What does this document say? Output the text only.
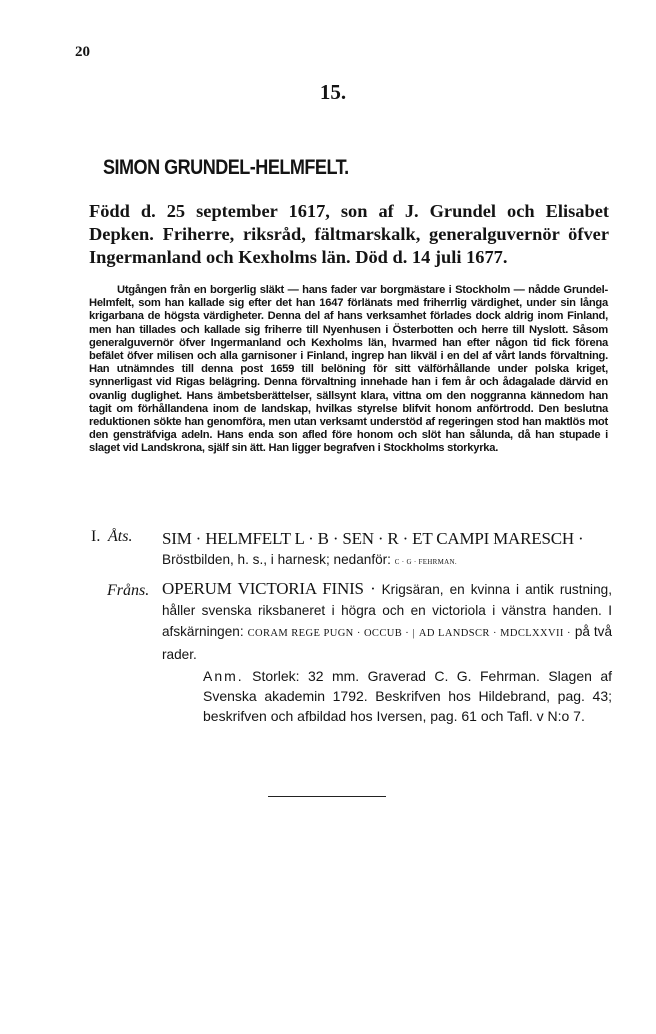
20
15.
SIMON GRUNDEL-HELMFELT.
Född d. 25 september 1617, son af J. Grundel och Elisabet Depken. Friherre, riksråd, fältmarskalk, generalguvernör öfver Ingermanland och Kexholms län. Död d. 14 juli 1677.
Utgången från en borgerlig släkt — hans fader var borgmästare i Stockholm — nådde Grundel-Helmfelt, som han kallade sig efter det han 1647 förlänats med friherrlig värdighet, under sin långa krigarbana de högsta värdigheter. Denna del af hans verksamhet förlades dock aldrig inom Finland, men han tillades och kallade sig friherre till Nyenhusen i Österbotten och herre till Nyslott. Såsom generalguvernör öfver Ingermanland och Kexholms län, hvarmed han efter någon tid fick förena befälet öfver milisen och alla garnisoner i Finland, ingrep han likväl i en del af vårt lands förvaltning. Han utnämndes till denna post 1659 till belöning för sitt välförhållande under polska kriget, synnerligast vid Rigas belägring. Denna förvaltning innehade han i fem år och ådagalade därvid en ovanlig duglighet. Hans ämbetsberättelser, sällsynt klara, vittna om den noggranna kännedom han tagit om förhållandena inom de landskap, hvilkas styrelse blifvit honom anförtrodd. Den beslutna reduktionen sökte han genomföra, men utan verksamt understöd af regeringen stod han maktlös mot den gensträfviga adeln. Hans enda son afled före honom och slöt han sålunda, då han stupade i slaget vid Landskrona, själf sin ätt. Han ligger begrafven i Stockholms storkyrka.
I. Åts. SIM · HELMFELT L · B · SEN · R · ET CAMPI MARESCH ·
Bröstbilden, h. s., i harnesk; nedanför: C · G · FEHRMAN.
Fråns. OPERUM VICTORIA FINIS · Krigsäran, en kvinna i antik rustning, håller svenska riksbaneret i högra och en victoriola i vänstra handen. I afskärningen: CORAM REGE PUGN · OCCUB · | AD LANDSCR · MDCLXXVII · på två rader.
Anm. Storlek: 32 mm. Graverad C. G. Fehrman. Slagen af Svenska akademin 1792. Beskrifven hos Hildebrand, pag. 43; beskrifven och afbildad hos Iversen, pag. 61 och Tafl. v N:o 7.
